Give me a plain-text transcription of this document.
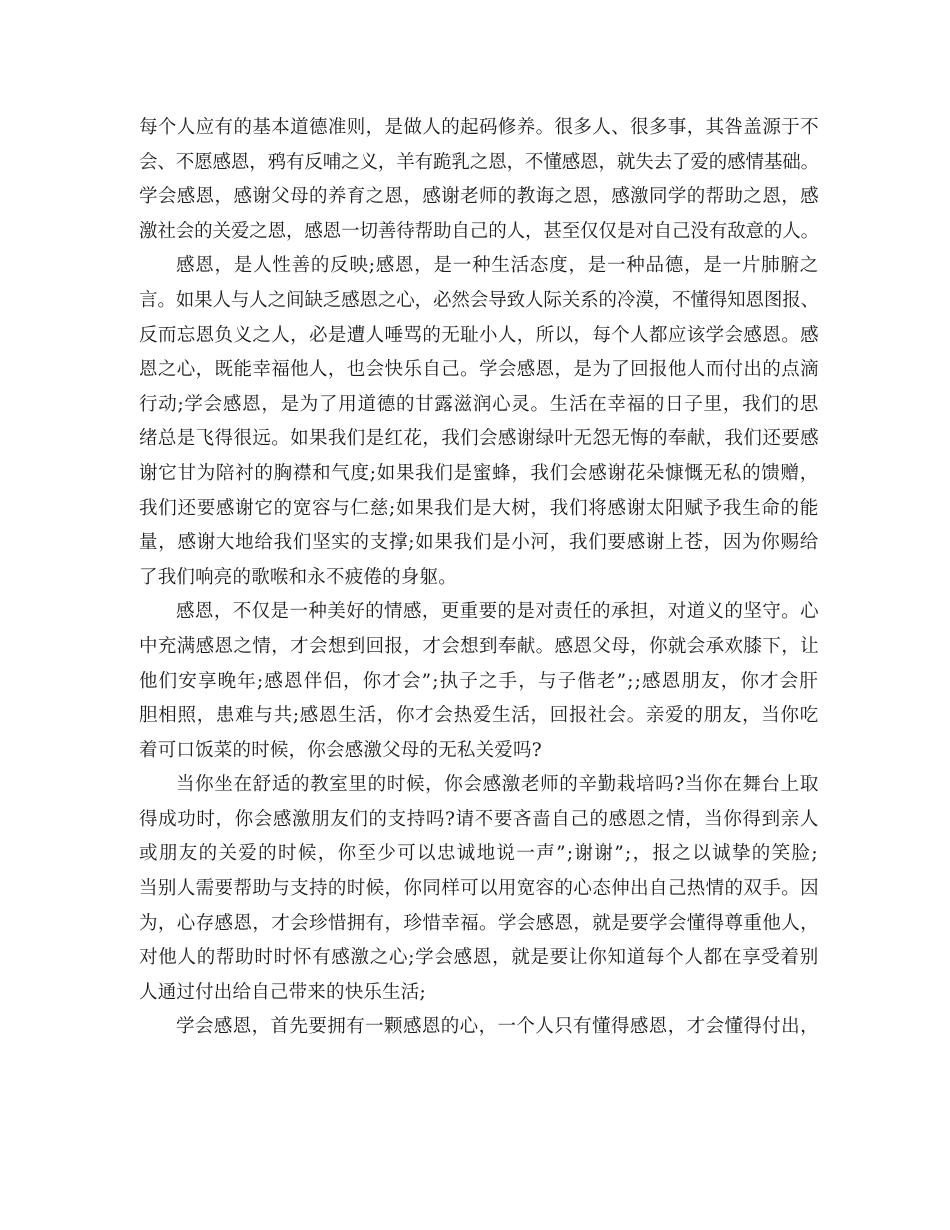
每个人应有的基本道德准则，是做人的起码修养。很多人、很多事，其咎盖源于不
会、不愿感恩，鸦有反哺之义，羊有跪乳之恩，不懂感恩，就失去了爱的感情基础。
学会感恩，感谢父母的养育之恩，感谢老师的教诲之恩，感激同学的帮助之恩，感
激社会的关爱之恩，感恩一切善待帮助自己的人，甚至仅仅是对自己没有敌意的人。
感恩，是人性善的反映;感恩，是一种生活态度，是一种品德，是一片肺腑之
言。如果人与人之间缺乏感恩之心，必然会导致人际关系的冷漠，不懂得知恩图报、
反而忘恩负义之人，必是遭人唾骂的无耻小人，所以，每个人都应该学会感恩。感
恩之心，既能幸福他人，也会快乐自己。学会感恩，是为了回报他人而付出的点滴
行动;学会感恩，是为了用道德的甘露滋润心灵。生活在幸福的日子里，我们的思
绪总是飞得很远。如果我们是红花，我们会感谢绿叶无怨无悔的奉献，我们还要感
谢它甘为陪衬的胸襟和气度;如果我们是蜜蜂，我们会感谢花朵慷慨无私的馈赠，
我们还要感谢它的宽容与仁慈;如果我们是大树，我们将感谢太阳赋予我生命的能
量，感谢大地给我们坚实的支撑;如果我们是小河，我们要感谢上苍，因为你赐给
了我们响亮的歌喉和永不疲倦的身躯。
感恩，不仅是一种美好的情感，更重要的是对责任的承担，对道义的坚守。心
中充满感恩之情，才会想到回报，才会想到奉献。感恩父母，你就会承欢膝下，让
他们安享晚年;感恩伴侣，你才会”;执子之手，与子偕老”;;感恩朋友，你才会肝
胆相照，患难与共;感恩生活，你才会热爱生活，回报社会。亲爱的朋友，当你吃
着可口饭菜的时候，你会感激父母的无私关爱吗?
当你坐在舒适的教室里的时候，你会感激老师的辛勤栽培吗?当你在舞台上取
得成功时，你会感激朋友们的支持吗?请不要吝啬自己的感恩之情，当你得到亲人
或朋友的关爱的时候，你至少可以忠诚地说一声”;谢谢”;，报之以诚挚的笑脸;
当别人需要帮助与支持的时候，你同样可以用宽容的心态伸出自己热情的双手。因
为，心存感恩，才会珍惜拥有，珍惜幸福。学会感恩，就是要学会懂得尊重他人，
对他人的帮助时时怀有感激之心;学会感恩，就是要让你知道每个人都在享受着别
人通过付出给自己带来的快乐生活;
学会感恩，首先要拥有一颗感恩的心，一个人只有懂得感恩，才会懂得付出，
